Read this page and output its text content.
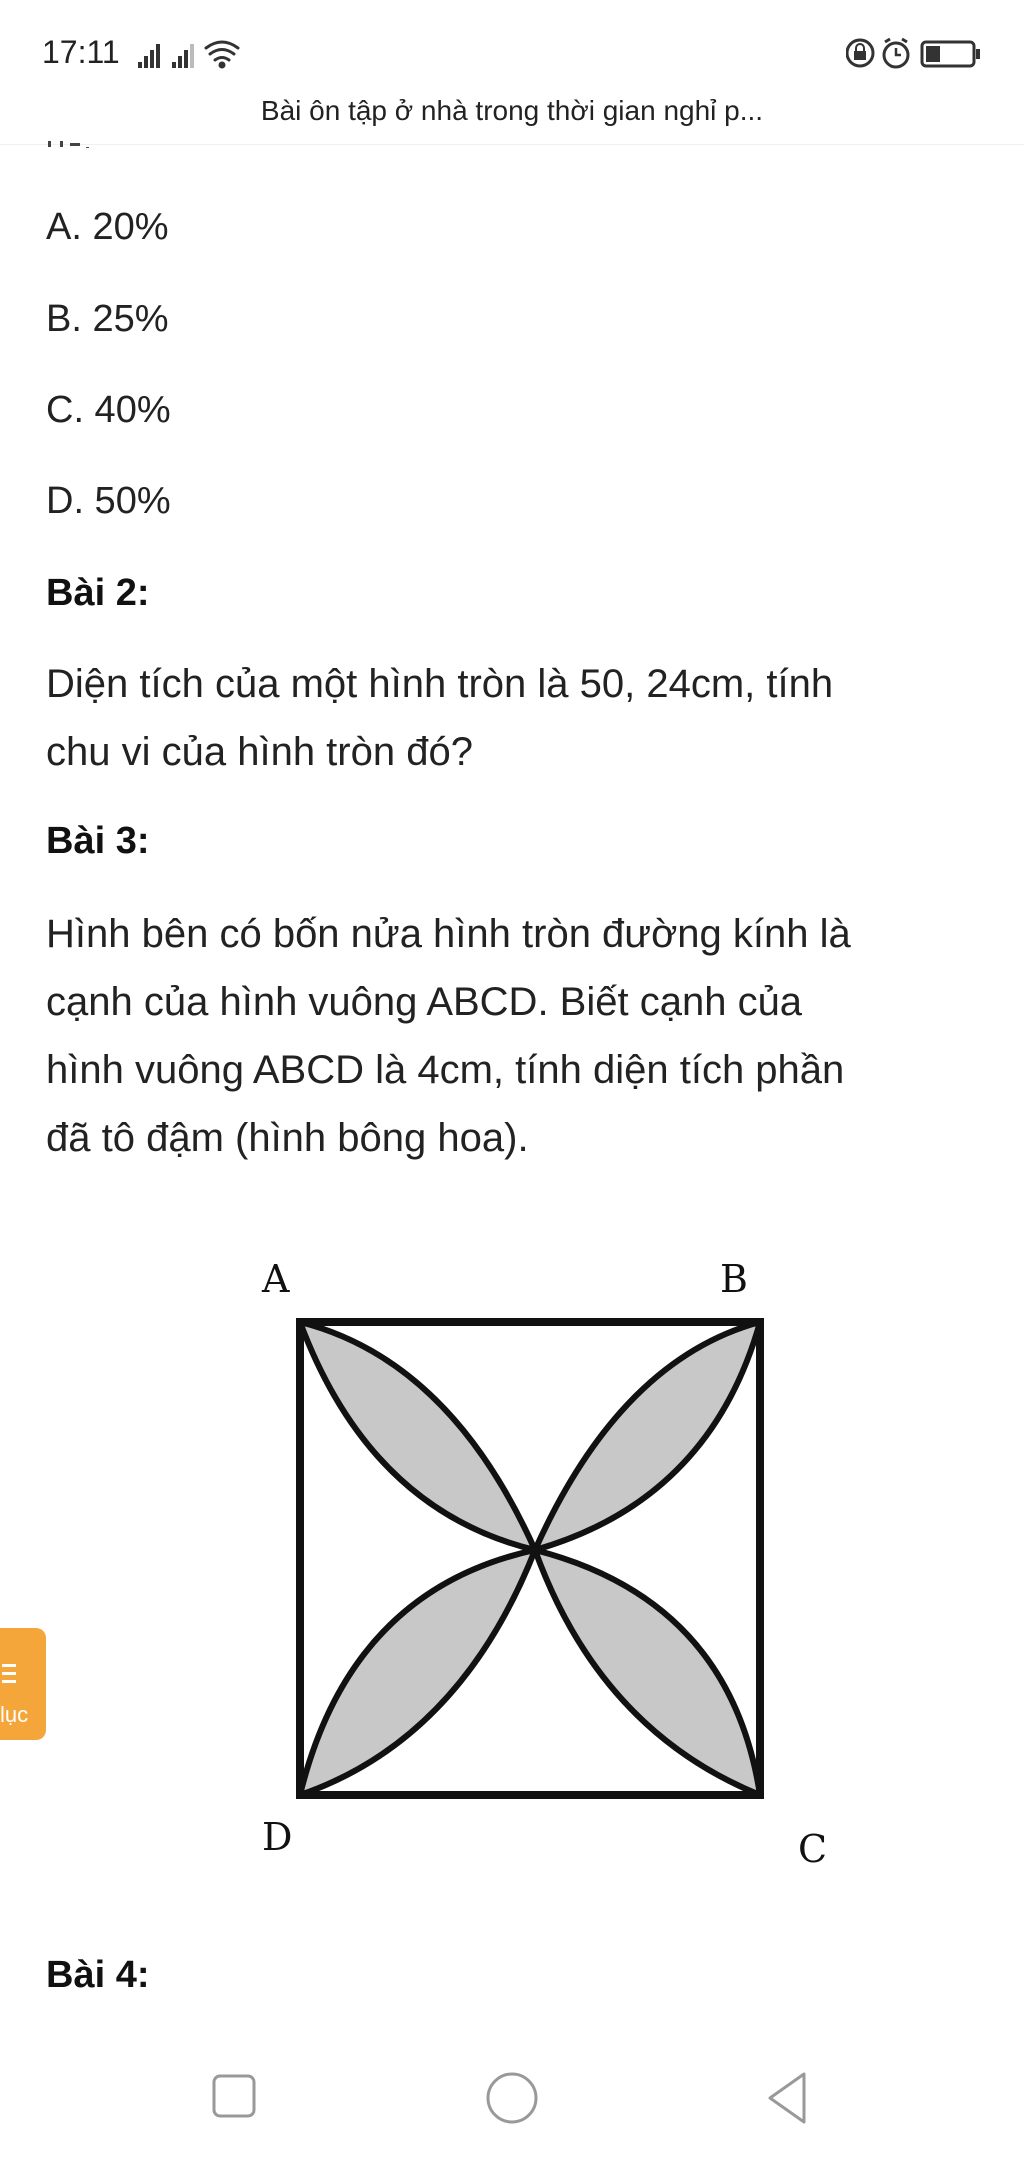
17:11
Bài ôn tập ở nhà trong thời gian nghỉ p...
A. 20%
B. 25%
C. 40%
D. 50%
Bài 2:
Diện tích của một hình tròn là 50, 24cm, tính
chu vi của hình tròn đó?
Bài 3:
Hình bên có bốn nửa hình tròn đường kính là
cạnh của hình vuông ABCD. Biết cạnh của
hình vuông ABCD là 4cm, tính diện tích phần
đã tô đậm (hình bông hoa).
A	B
D	C
Bài 4:
lục
